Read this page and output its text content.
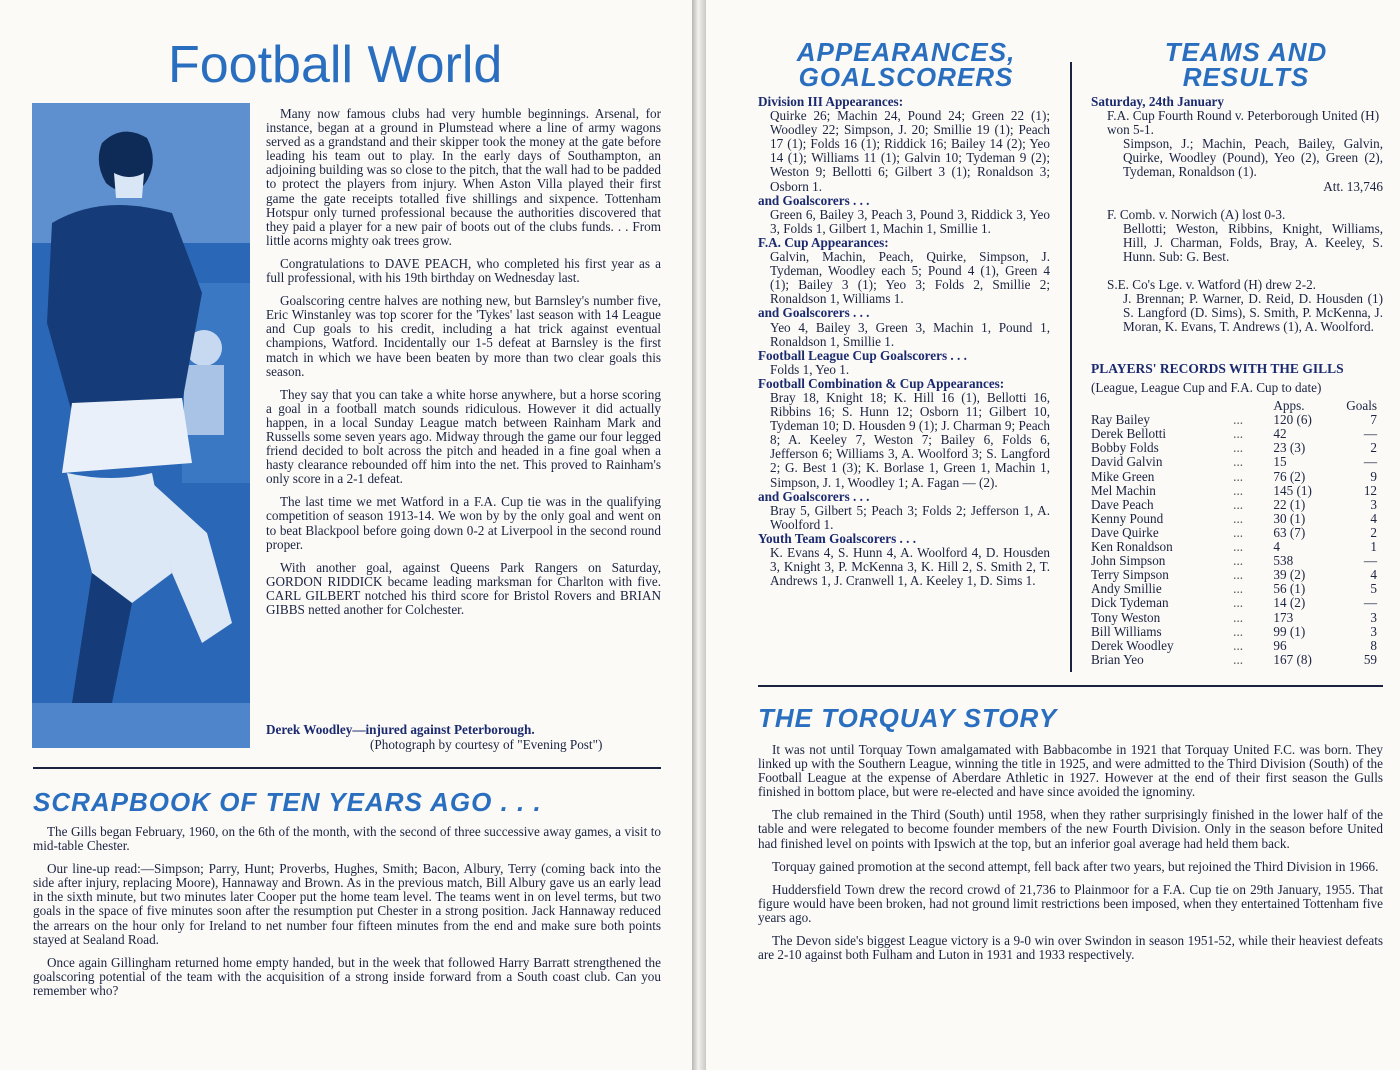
Football World

Many now famous clubs had very humble beginnings. Arsenal, for instance, began at a ground in Plumstead where a line of army wagons served as a grandstand and their skipper took the money at the gate before leading his team out to play. In the early days of Southampton, an adjoining building was so close to the pitch, that the wall had to be padded to protect the players from injury. When Aston Villa played their first game the gate receipts totalled five shillings and sixpence. Tottenham Hotspur only turned professional because the authorities discovered that they paid a player for a new pair of boots out of the clubs funds. . . From little acorns mighty oak trees grow.

Congratulations to DAVE PEACH, who completed his first year as a full professional, with his 19th birthday on Wednesday last.

Goalscoring centre halves are nothing new, but Barnsley's number five, Eric Winstanley was top scorer for the 'Tykes' last season with 14 League and Cup goals to his credit, including a hat trick against eventual champions, Watford. Incidentally our 1-5 defeat at Barnsley is the first match in which we have been beaten by more than two clear goals this season.

They say that you can take a white horse anywhere, but a horse scoring a goal in a football match sounds ridiculous. However it did actually happen, in a local Sunday League match between Rainham Mark and Russells some seven years ago. Midway through the game our four legged friend decided to bolt across the pitch and headed in a fine goal when a hasty clearance rebounded off him into the net. This proved to Rainham's only score in a 2-1 defeat.

The last time we met Watford in a F.A. Cup tie was in the qualifying competition of season 1913-14. We won by by the only goal and went on to beat Blackpool before going down 0-2 at Liverpool in the second round proper.

With another goal, against Queens Park Rangers on Saturday, GORDON RIDDICK became leading marksman for Charlton with five. CARL GILBERT notched his third score for Bristol Rovers and BRIAN GIBBS netted another for Colchester.

Derek Woodley—injured against Peterborough.
(Photograph by courtesy of "Evening Post")
SCRAPBOOK OF TEN YEARS AGO . . .

The Gills began February, 1960, on the 6th of the month, with the second of three successive away games, a visit to mid-table Chester.

Our line-up read:—Simpson; Parry, Hunt; Proverbs, Hughes, Smith; Bacon, Albury, Terry (coming back into the side after injury, replacing Moore), Hannaway and Brown. As in the previous match, Bill Albury gave us an early lead in the sixth minute, but two minutes later Cooper put the home team level. The teams went in on level terms, but two goals in the space of five minutes soon after the resumption put Chester in a strong position. Jack Hannaway reduced the arrears on the hour only for Ireland to net number four fifteen minutes from the end and make sure both points stayed at Sealand Road.

Once again Gillingham returned home empty handed, but in the week that followed Harry Barratt strengthened the goalscoring potential of the team with the acquisition of a strong inside forward from a South coast club. Can you remember who?

APPEARANCES,
GOALSCORERS
Division III Appearances:
Quirke 26; Machin 24, Pound 24; Green 22 (1); Woodley 22; Simpson, J. 20; Smillie 19 (1); Peach 17 (1); Folds 16 (1); Riddick 16; Bailey 14 (2); Yeo 14 (1); Williams 11 (1); Galvin 10; Tydeman 9 (2); Weston 9; Bellotti 6; Gilbert 3 (1); Ronaldson 3; Osborn 1.
and Goalscorers . . .
Green 6, Bailey 3, Peach 3, Pound 3, Riddick 3, Yeo 3, Folds 1, Gilbert 1, Machin 1, Smillie 1.
F.A. Cup Appearances:
Galvin, Machin, Peach, Quirke, Simpson, J. Tydeman, Woodley each 5; Pound 4 (1), Green 4 (1); Bailey 3 (1); Yeo 3; Folds 2, Smillie 2; Ronaldson 1, Williams 1.
and Goalscorers . . .
Yeo 4, Bailey 3, Green 3, Machin 1, Pound 1, Ronaldson 1, Smillie 1.
Football League Cup Goalscorers . . .
Folds 1, Yeo 1.
Football Combination & Cup Appearances:
Bray 18, Knight 18; K. Hill 16 (1), Bellotti 16, Ribbins 16; S. Hunn 12; Osborn 11; Gilbert 10, Tydeman 10; D. Housden 9 (1); J. Charman 9; Peach 8; A. Keeley 7, Weston 7; Bailey 6, Folds 6, Jefferson 6; Williams 3, A. Woolford 3; S. Langford 2; G. Best 1 (3); K. Borlase 1, Green 1, Machin 1, Simpson, J. 1, Woodley 1; A. Fagan — (2).
and Goalscorers . . .
Bray 5, Gilbert 5; Peach 3; Folds 2; Jefferson 1, A. Woolford 1.
Youth Team Goalscorers . . .
K. Evans 4, S. Hunn 4, A. Woolford 4, D. Housden 3, Knight 3, P. McKenna 3, K. Hill 2, S. Smith 2, T. Andrews 1, J. Cranwell 1, A. Keeley 1, D. Sims 1.
TEAMS AND
RESULTS
Saturday, 24th January
F.A. Cup Fourth Round v. Peterborough United (H) won 5-1.
Simpson, J.; Machin, Peach, Bailey, Galvin, Quirke, Woodley (Pound), Yeo (2), Green (2), Tydeman, Ronaldson (1).
Att. 13,746
F. Comb. v. Norwich (A) lost 0-3.
Bellotti; Weston, Ribbins, Knight, Williams, Hill, J. Charman, Folds, Bray, A. Keeley, S. Hunn. Sub: G. Best.
S.E. Co's Lge. v. Watford (H) drew 2-2.
J. Brennan; P. Warner, D. Reid, D. Housden (1) S. Langford (D. Sims), S. Smith, P. McKenna, J. Moran, K. Evans, T. Andrews (1), A. Woolford.
PLAYERS' RECORDS WITH THE GILLS
(League, League Cup and F.A. Cup to date)
Apps.	Goals
Ray Bailey	...	120 (6)	7
Derek Bellotti	...	42	—
Bobby Folds	...	23 (3)	2
David Galvin	...	15	—
Mike Green	...	76 (2)	9
Mel Machin	...	145 (1)	12
Dave Peach	...	22 (1)	3
Kenny Pound	...	30 (1)	4
Dave Quirke	...	63 (7)	2
Ken Ronaldson	...	4	1
John Simpson	...	538	—
Terry Simpson	...	39 (2)	4
Andy Smillie	...	56 (1)	5
Dick Tydeman	...	14 (2)	—
Tony Weston	...	173	3
Bill Williams	...	99 (1)	3
Derek Woodley	...	96	8
Brian Yeo	...	167 (8)	59
THE TORQUAY STORY

It was not until Torquay Town amalgamated with Babbacombe in 1921 that Torquay United F.C. was born. They linked up with the Southern League, winning the title in 1925, and were admitted to the Third Division (South) of the Football League at the expense of Aberdare Athletic in 1927. However at the end of their first season the Gulls finished in bottom place, but were re-elected and have since avoided the ignominy.

The club remained in the Third (South) until 1958, when they rather surprisingly finished in the lower half of the table and were relegated to become founder members of the new Fourth Division. Only in the season before United had finished level on points with Ipswich at the top, but an inferior goal average had held them back.

Torquay gained promotion at the second attempt, fell back after two years, but rejoined the Third Division in 1966.

Huddersfield Town drew the record crowd of 21,736 to Plainmoor for a F.A. Cup tie on 29th January, 1955. That figure would have been broken, had not ground limit restrictions been imposed, when they entertained Tottenham five years ago.

The Devon side's biggest League victory is a 9-0 win over Swindon in season 1951-52, while their heaviest defeats are 2-10 against both Fulham and Luton in 1931 and 1933 respectively.
